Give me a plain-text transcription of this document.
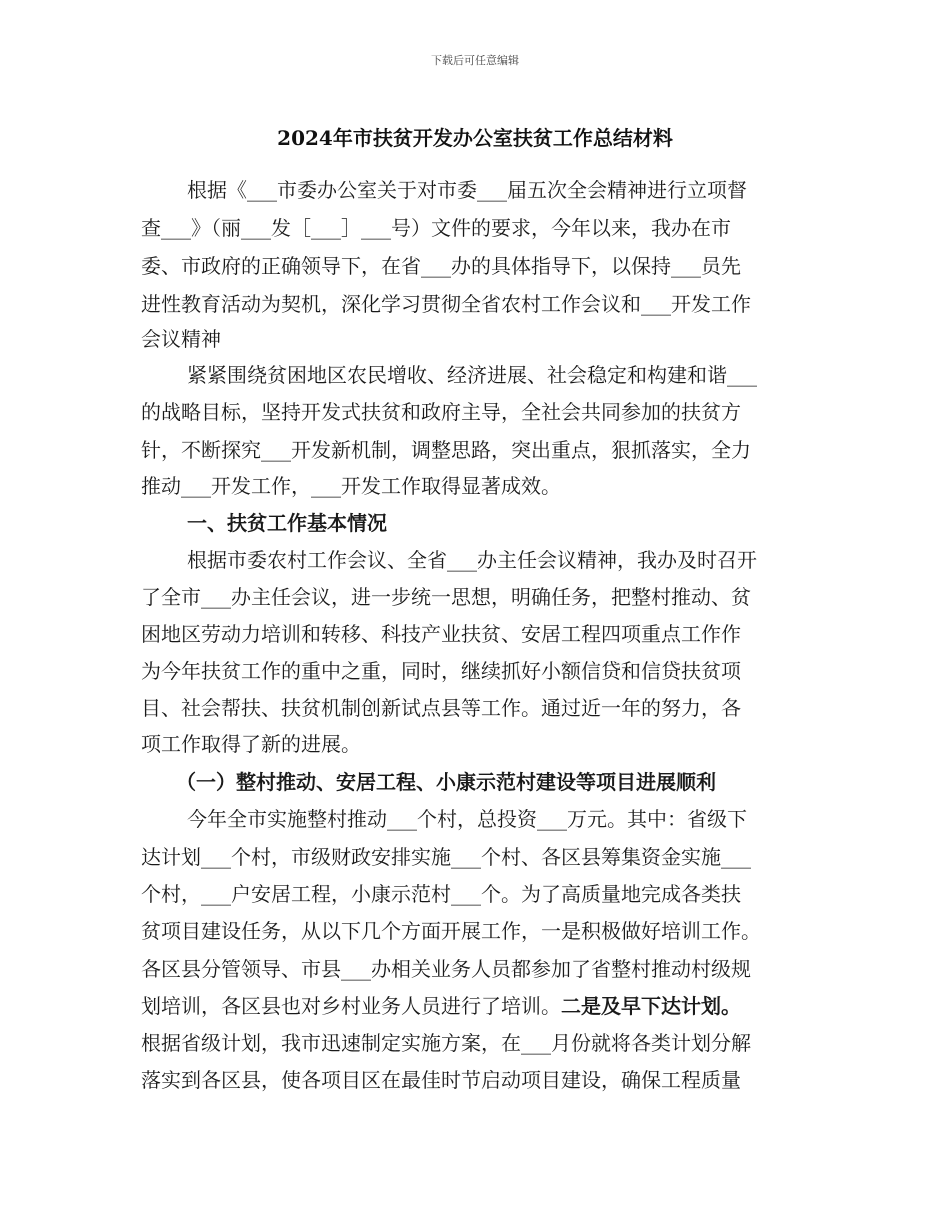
下载后可任意编辑
2024年市扶贫开发办公室扶贫工作总结材料
根据《___市委办公室关于对市委___届五次全会精神进行立项督
查___》（丽___发［___］___号）文件的要求，今年以来，我办在市
委、市政府的正确领导下，在省___办的具体指导下，以保持___员先
进性教育活动为契机，深化学习贯彻全省农村工作会议和___开发工作
会议精神
紧紧围绕贫困地区农民增收、经济进展、社会稳定和构建和谐___
的战略目标，坚持开发式扶贫和政府主导，全社会共同参加的扶贫方
针，不断探究___开发新机制，调整思路，突出重点，狠抓落实，全力
推动___开发工作，___开发工作取得显著成效。
一、扶贫工作基本情况
根据市委农村工作会议、全省___办主任会议精神，我办及时召开
了全市___办主任会议，进一步统一思想，明确任务，把整村推动、贫
困地区劳动力培训和转移、科技产业扶贫、安居工程四项重点工作作
为今年扶贫工作的重中之重，同时，继续抓好小额信贷和信贷扶贫项
目、社会帮扶、扶贫机制创新试点县等工作。通过近一年的努力，各
项工作取得了新的进展。
（一）整村推动、安居工程、小康示范村建设等项目进展顺利
今年全市实施整村推动___个村，总投资___万元。其中：省级下
达计划___个村，市级财政安排实施___个村、各区县筹集资金实施___
个村，___户安居工程，小康示范村___个。为了高质量地完成各类扶
贫项目建设任务，从以下几个方面开展工作，一是积极做好培训工作。
各区县分管领导、市县___办相关业务人员都参加了省整村推动村级规
划培训，各区县也对乡村业务人员进行了培训。二是及早下达计划。
根据省级计划，我市迅速制定实施方案，在___月份就将各类计划分解
落实到各区县，使各项目区在最佳时节启动项目建设，确保工程质量
